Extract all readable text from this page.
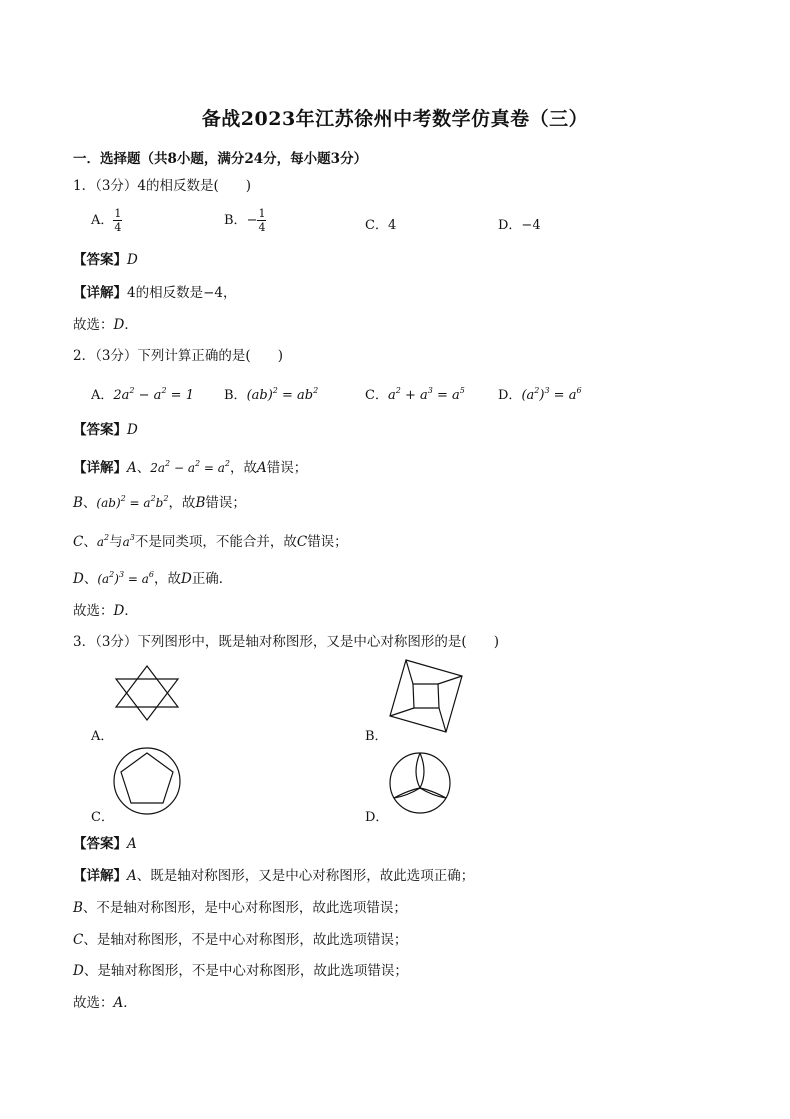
备战2023年江苏徐州中考数学仿真卷（三）
一．选择题（共8小题，满分24分，每小题3分）
1．（3分）4的相反数是(　　)
A． $\frac{1}{4}$	B．− $\frac{1}{4}$	C．4	D．−4
【答案】D
【详解】4的相反数是−4，
故选：D．
2．（3分）下列计算正确的是(　　)
A．$2a^2 - a^2 = 1$ B．$(ab)^2 = ab^2$	C．$a^2 + a^3 = a^5$	D．$(a^2)^3 = a^6$
【答案】D
【详解】A、$2a^2 - a^2 = a^2$，故A错误；
B、$(ab)^2 = a^2b^2$，故B错误；
C、$a^2$与$a^3$不是同类项，不能合并，故C错误；
D、$(a^2)^3 = a^6$，故D正确．
故选：D．
3．（3分）下列图形中，既是轴对称图形，又是中心对称图形的是(　　)
A．	B．
C．	D．
【答案】A
【详解】A、既是轴对称图形，又是中心对称图形，故此选项正确；
B、不是轴对称图形，是中心对称图形，故此选项错误；
C、是轴对称图形，不是中心对称图形，故此选项错误；
D、是轴对称图形，不是中心对称图形，故此选项错误；
故选：A．
